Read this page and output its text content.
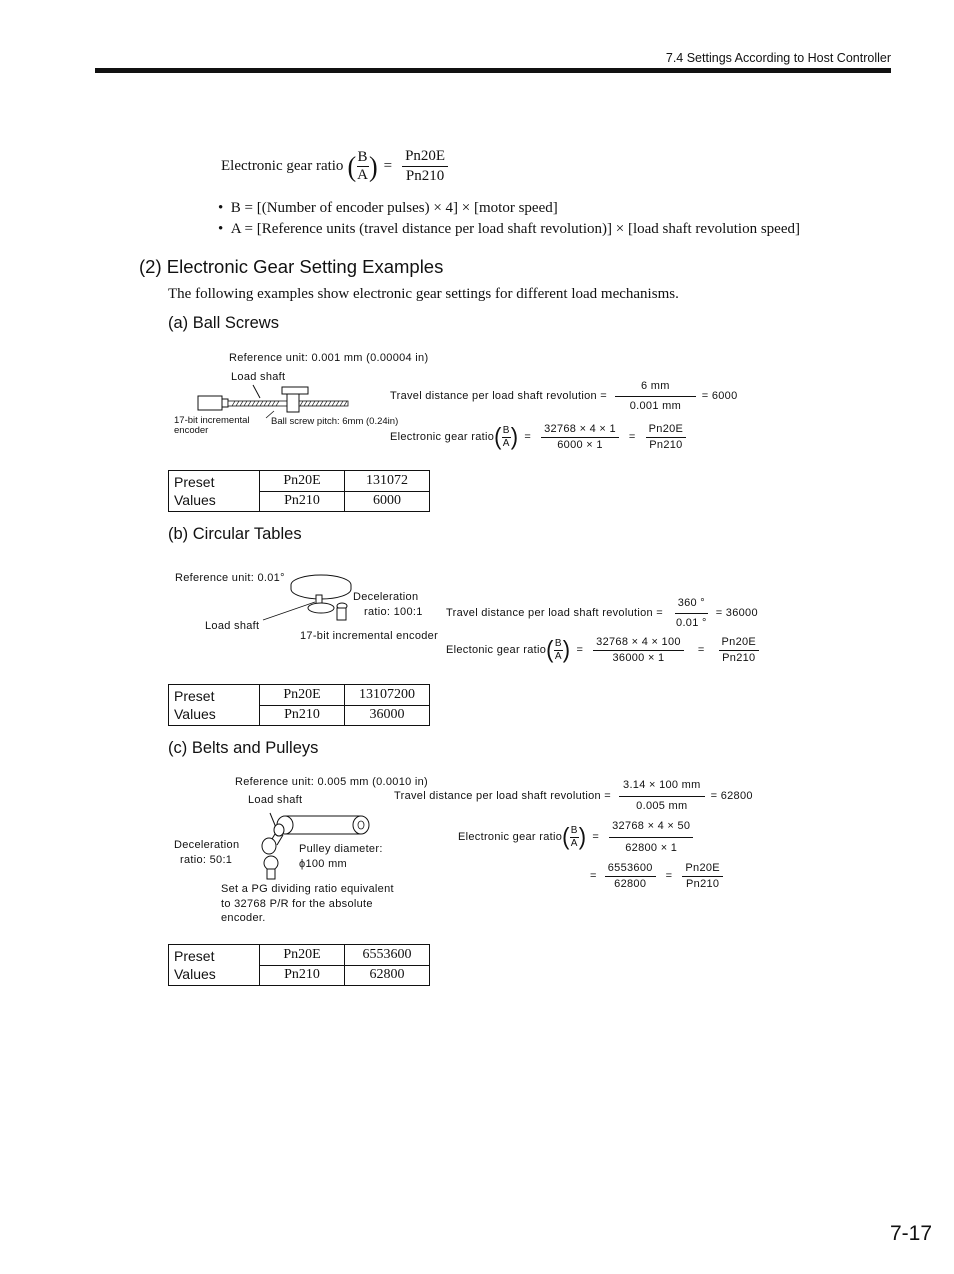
7.4 Settings According to Host Controller
Electronic gear ratio ( $\frac{B}{A}$ ) = $\frac{Pn20E}{Pn210}$
•  B = [(Number of encoder pulses) × 4] × [motor speed]
•  A = [Reference units (travel distance per load shaft revolution)] × [load shaft revolution speed]
(2) Electronic Gear Setting Examples
The following examples show electronic gear settings for different load mechanisms.
(a) Ball Screws
Reference unit: 0.001 mm (0.00004 in)
Load shaft
17-bit incremental
encoder
Ball screw pitch: 6mm (0.24in)
Travel distance per load shaft revolution = $\frac{6 mm}{0.001 mm} = 6000$
Electronic gear ratio ( $\frac{B}{A}$ ) = $\frac{32768 \times 4 \times 1}{6000 \times 1} = \frac{Pn20E}{Pn210}$
Preset
Values	Pn20E	131072
	Pn210	6000
(b) Circular Tables
Reference unit: 0.01°
Deceleration
ratio: 100:1
Load shaft
17-bit incremental encoder
Travel distance per load shaft revolution = $\frac{360 ^\circ}{0.01 ^\circ} = 36000$
Electonic gear ratio ( $\frac{B}{A}$ ) = $\frac{32768 \times 4 \times 100}{36000 \times 1} = \frac{Pn20E}{Pn210}$
Preset
Values	Pn20E	13107200
	Pn210	36000
(c) Belts and Pulleys
Reference unit: 0.005 mm (0.0010 in)
Load shaft
Deceleration
ratio: 50:1
Pulley diameter:
ϕ100 mm
Set a PG dividing ratio equivalent
to 32768 P/R for the absolute
encoder.
Travel distance per load shaft revolution = $\frac{3.14 \times 100 mm}{0.005 mm} = 62800$
Electronic gear ratio ( $\frac{B}{A}$ ) = $\frac{32768 \times 4 \times 50}{62800 \times 1}$
= $\frac{6553600}{62800} = \frac{Pn20E}{Pn210}$
Preset
Values	Pn20E	6553600
	Pn210	62800
7-17
